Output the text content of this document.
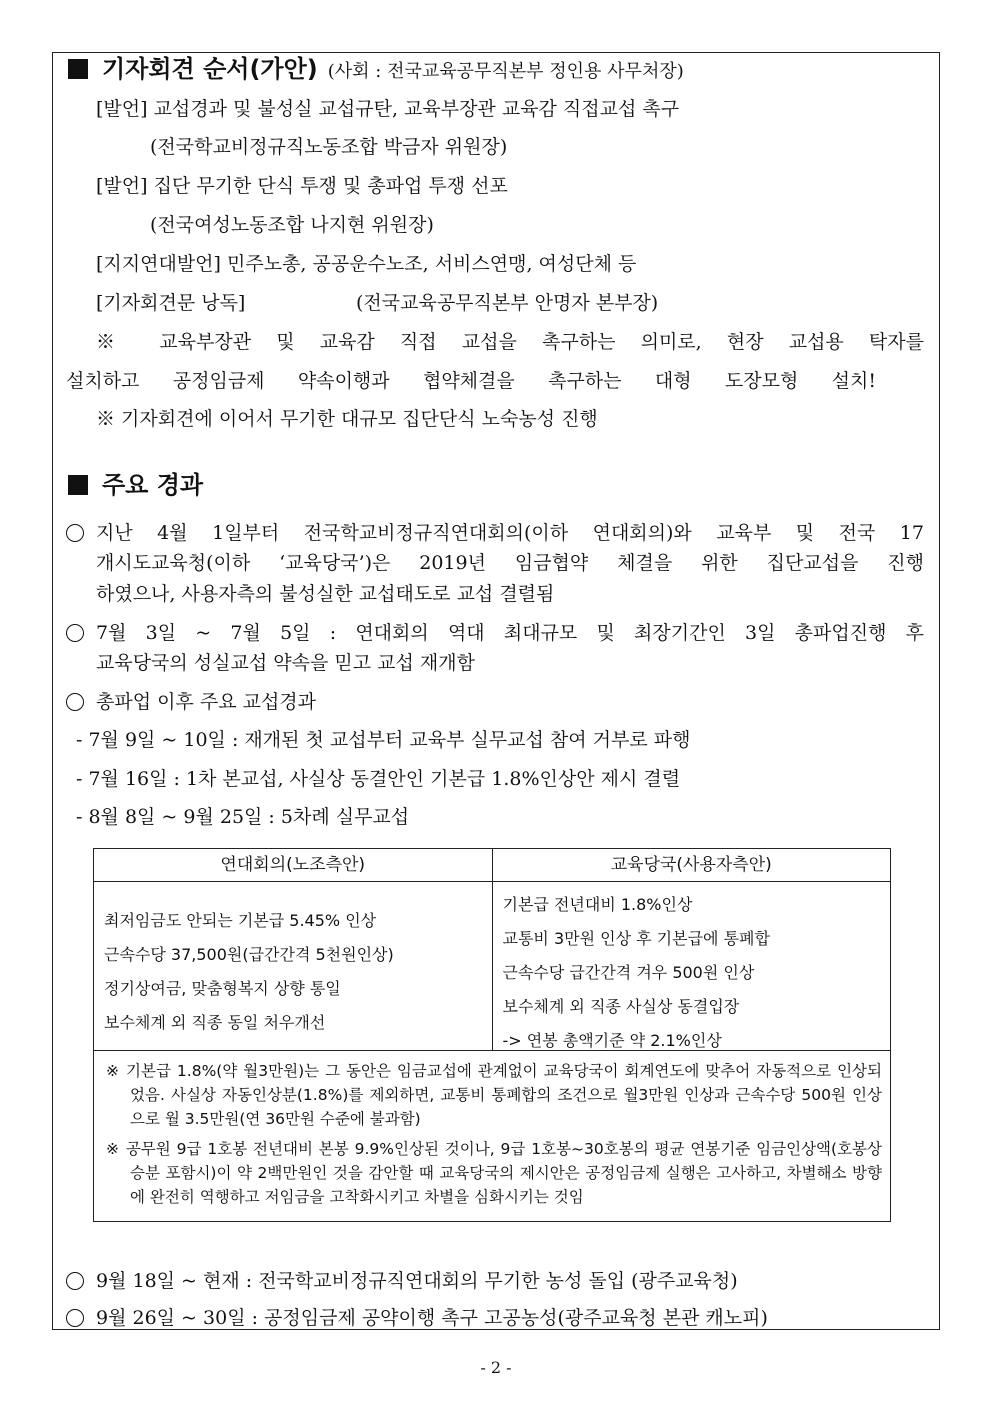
기자회견 순서(가안) (사회 : 전국교육공무직본부 정인용 사무처장)
[발언] 교섭경과 및 불성실 교섭규탄, 교육부장관 교육감 직접교섭 촉구
(전국학교비정규직노동조합 박금자 위원장)
[발언] 집단 무기한 단식 투쟁 및 총파업 투쟁 선포
(전국여성노동조합 나지현 위원장)
[지지연대발언] 민주노총, 공공운수노조, 서비스연맹, 여성단체 등
[기자회견문 낭독]	(전국교육공무직본부 안명자 본부장)
※ 교육부장관 및 교육감 직접 교섭을 촉구하는 의미로, 현장 교섭용 탁자를
설치하고 공정임금제 약속이행과 협약체결을 촉구하는 대형 도장모형 설치!
※ 기자회견에 이어서 무기한 대규모 집단단식 노숙농성 진행
주요 경과
지난 4월 1일부터 전국학교비정규직연대회의(이하 연대회의)와 교육부 및 전국 17
개시도교육청(이하 ‘교육당국’)은 2019년 임금협약 체결을 위한 집단교섭을 진행
하였으나, 사용자측의 불성실한 교섭태도로 교섭 결렬됨
7월 3일 ~ 7월 5일 : 연대회의 역대 최대규모 및 최장기간인 3일 총파업진행 후
교육당국의 성실교섭 약속을 믿고 교섭 재개함
총파업 이후 주요 교섭경과
- 7월 9일 ~ 10일 : 재개된 첫 교섭부터 교육부 실무교섭 참여 거부로 파행
- 7월 16일 : 1차 본교섭, 사실상 동결안인 기본급 1.8%인상안 제시 결렬
- 8월 8일 ~ 9월 25일 : 5차례 실무교섭
연대회의(노조측안)	교육당국(사용자측안)
최저임금도 안되는 기본급 5.45% 인상
근속수당 37,500원(급간간격 5천원인상)
정기상여금, 맞춤형복지 상향 통일
보수체계 외 직종 동일 처우개선
기본급 전년대비 1.8%인상
교통비 3만원 인상 후 기본급에 통폐합
근속수당 급간간격 겨우 500원 인상
보수체계 외 직종 사실상 동결입장
-> 연봉 총액기준 약 2.1%인상
※ 기본급 1.8%(약 월3만원)는 그 동안은 임금교섭에 관계없이 교육당국이 회계연도에 맞추어 자동적으로 인상되었음. 사실상 자동인상분(1.8%)를 제외하면, 교통비 통폐합의 조건으로 월3만원 인상과 근속수당 500원 인상으로 월 3.5만원(연 36만원 수준에 불과함)
※ 공무원 9급 1호봉 전년대비 본봉 9.9%인상된 것이나, 9급 1호봉~30호봉의 평균 연봉기준 임금인상액(호봉상승분 포함시)이 약 2백만원인 것을 감안할 때 교육당국의 제시안은 공정임금제 실행은 고사하고, 차별해소 방향에 완전히 역행하고 저임금을 고착화시키고 차별을 심화시키는 것임
9월 18일 ~ 현재 : 전국학교비정규직연대회의 무기한 농성 돌입 (광주교육청)
9월 26일 ~ 30일 : 공정임금제 공약이행 촉구 고공농성(광주교육청 본관 캐노피)
- 2 -
